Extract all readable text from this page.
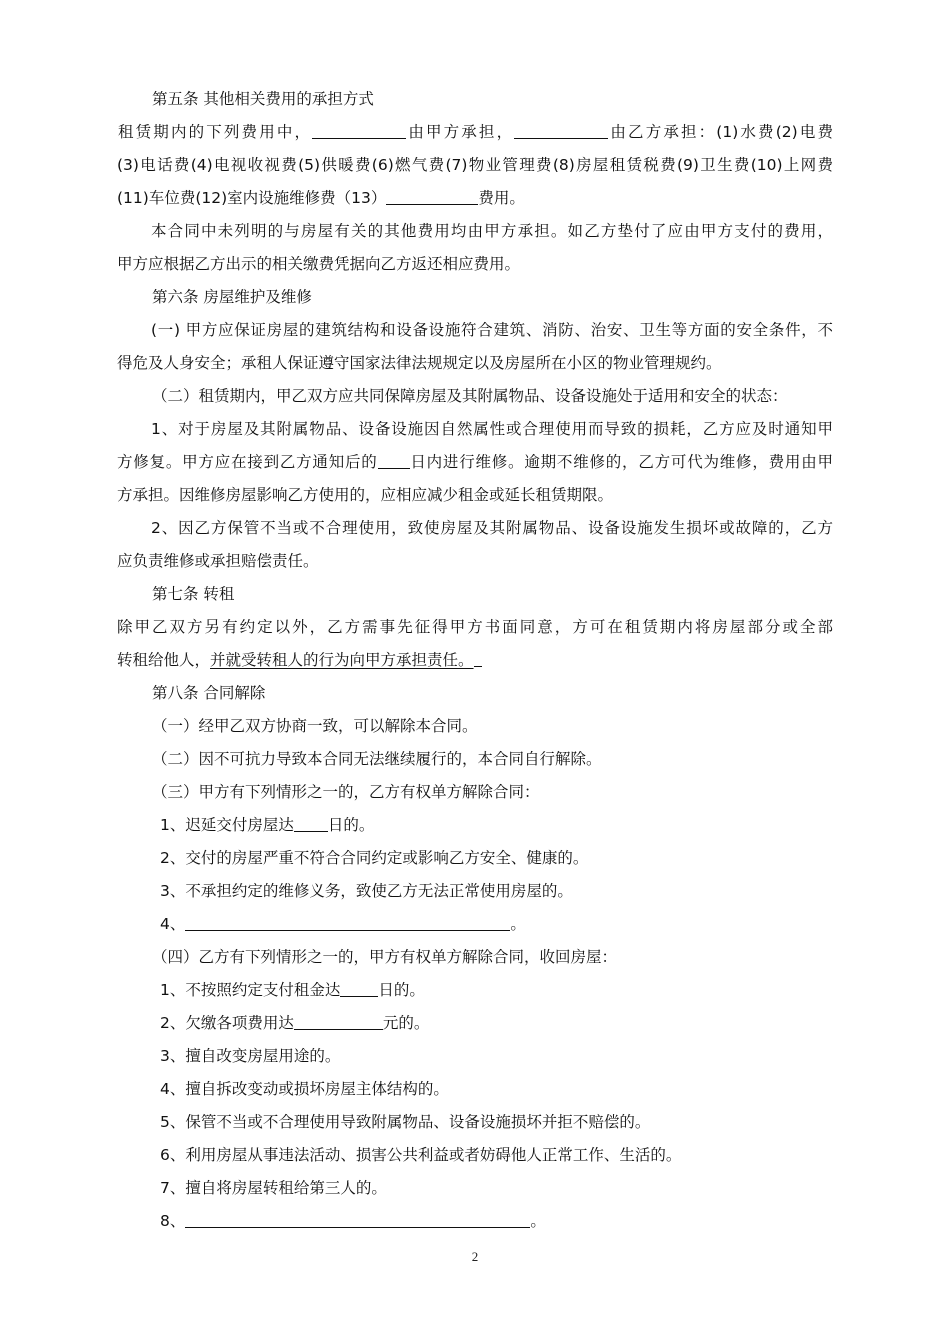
第五条 其他相关费用的承担方式
租赁期内的下列费用中，	由甲方承担，	由乙方承担：(1)水费(2)电费
(3)电话费(4)电视收视费(5)供暖费(6)燃气费(7)物业管理费(8)房屋租赁税费(9)卫生费(10)上网费
(11)车位费(12)室内设施维修费（13）	费用。
本合同中未列明的与房屋有关的其他费用均由甲方承担。如乙方垫付了应由甲方支付的费用，
甲方应根据乙方出示的相关缴费凭据向乙方返还相应费用。
第六条 房屋维护及维修
(一) 甲方应保证房屋的建筑结构和设备设施符合建筑、消防、治安、卫生等方面的安全条件，不
得危及人身安全；承租人保证遵守国家法律法规规定以及房屋所在小区的物业管理规约。
（二）租赁期内，甲乙双方应共同保障房屋及其附属物品、设备设施处于适用和安全的状态：
1、对于房屋及其附属物品、设备设施因自然属性或合理使用而导致的损耗，乙方应及时通知甲
方修复。甲方应在接到乙方通知后的 日内进行维修。逾期不维修的，乙方可代为维修，费用由甲
方承担。因维修房屋影响乙方使用的，应相应减少租金或延长租赁期限。
2、因乙方保管不当或不合理使用，致使房屋及其附属物品、设备设施发生损坏或故障的，乙方
应负责维修或承担赔偿责任。
第七条 转租
除甲乙双方另有约定以外，乙方需事先征得甲方书面同意，方可在租赁期内将房屋部分或全部
转租给他人，并就受转租人的行为向甲方承担责任。
第八条 合同解除
（一）经甲乙双方协商一致，可以解除本合同。
（二）因不可抗力导致本合同无法继续履行的，本合同自行解除。
（三）甲方有下列情形之一的，乙方有权单方解除合同：
1、迟延交付房屋达 日的。
2、交付的房屋严重不符合合同约定或影响乙方安全、健康的。
3、不承担约定的维修义务，致使乙方无法正常使用房屋的。
4、	。
（四）乙方有下列情形之一的，甲方有权单方解除合同，收回房屋：
1、不按照约定支付租金达 日的。
2、欠缴各项费用达	元的。
3、擅自改变房屋用途的。
4、擅自拆改变动或损坏房屋主体结构的。
5、保管不当或不合理使用导致附属物品、设备设施损坏并拒不赔偿的。
6、利用房屋从事违法活动、损害公共利益或者妨碍他人正常工作、生活的。
7、擅自将房屋转租给第三人的。
8、	。
2
